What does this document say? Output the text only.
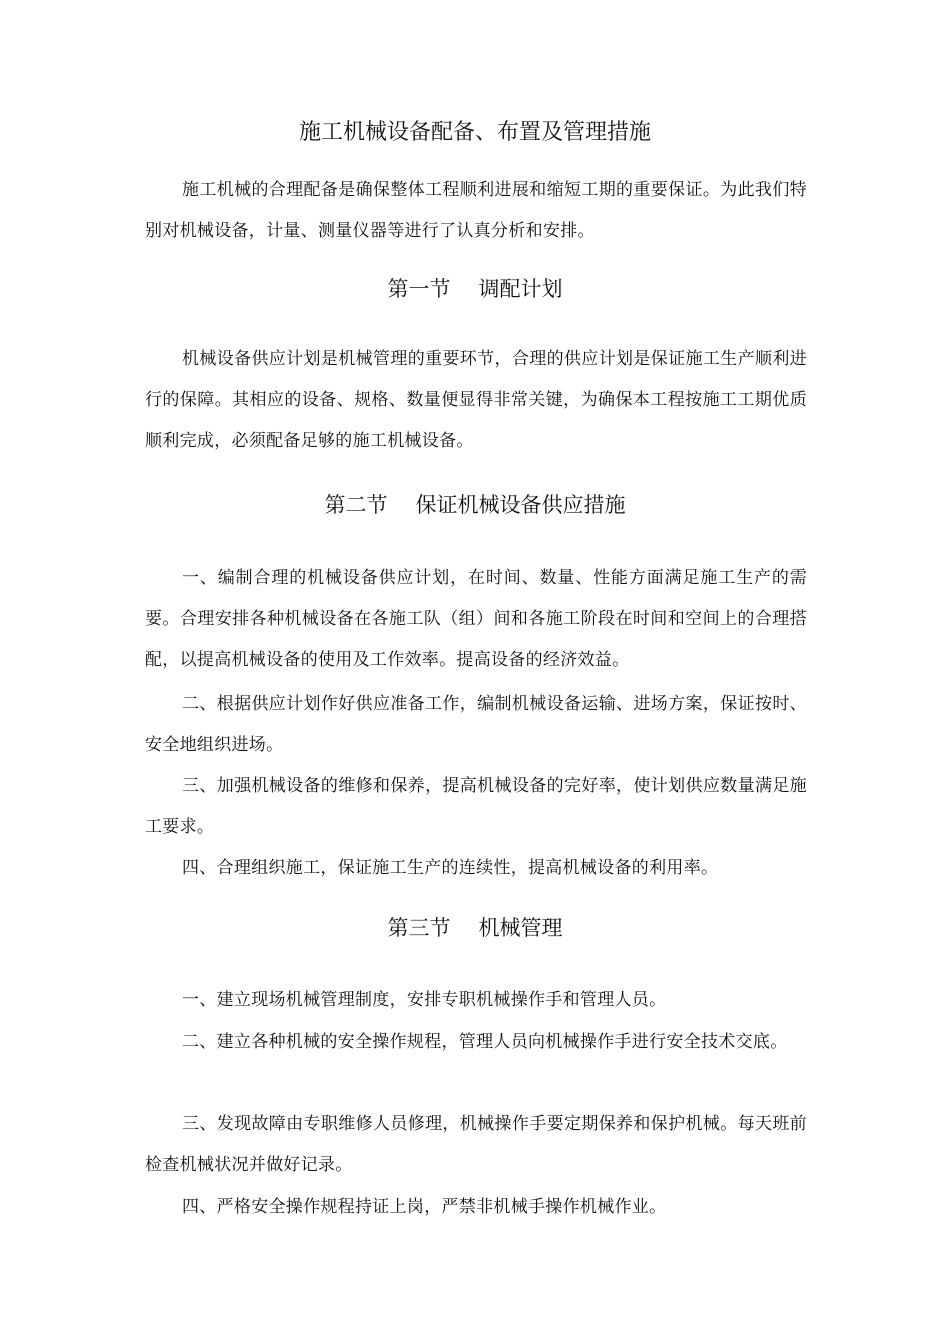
施工机械设备配备、布置及管理措施

施工机械的合理配备是确保整体工程顺利进展和缩短工期的重要保证。为此我们特别对机械设备，计量、测量仪器等进行了认真分析和安排。

第一节 调配计划

机械设备供应计划是机械管理的重要环节，合理的供应计划是保证施工生产顺利进行的保障。其相应的设备、规格、数量便显得非常关键，为确保本工程按施工工期优质顺利完成，必须配备足够的施工机械设备。

第二节 保证机械设备供应措施

一、编制合理的机械设备供应计划，在时间、数量、性能方面满足施工生产的需要。合理安排各种机械设备在各施工队（组）间和各施工阶段在时间和空间上的合理搭配，以提高机械设备的使用及工作效率。提高设备的经济效益。

二、根据供应计划作好供应准备工作，编制机械设备运输、进场方案，保证按时、安全地组织进场。

三、加强机械设备的维修和保养，提高机械设备的完好率，使计划供应数量满足施工要求。

四、合理组织施工，保证施工生产的连续性，提高机械设备的利用率。

第三节 机械管理

一、建立现场机械管理制度，安排专职机械操作手和管理人员。

二、建立各种机械的安全操作规程，管理人员向机械操作手进行安全技术交底。

三、发现故障由专职维修人员修理，机械操作手要定期保养和保护机械。每天班前检查机械状况并做好记录。

四、严格安全操作规程持证上岗，严禁非机械手操作机械作业。
